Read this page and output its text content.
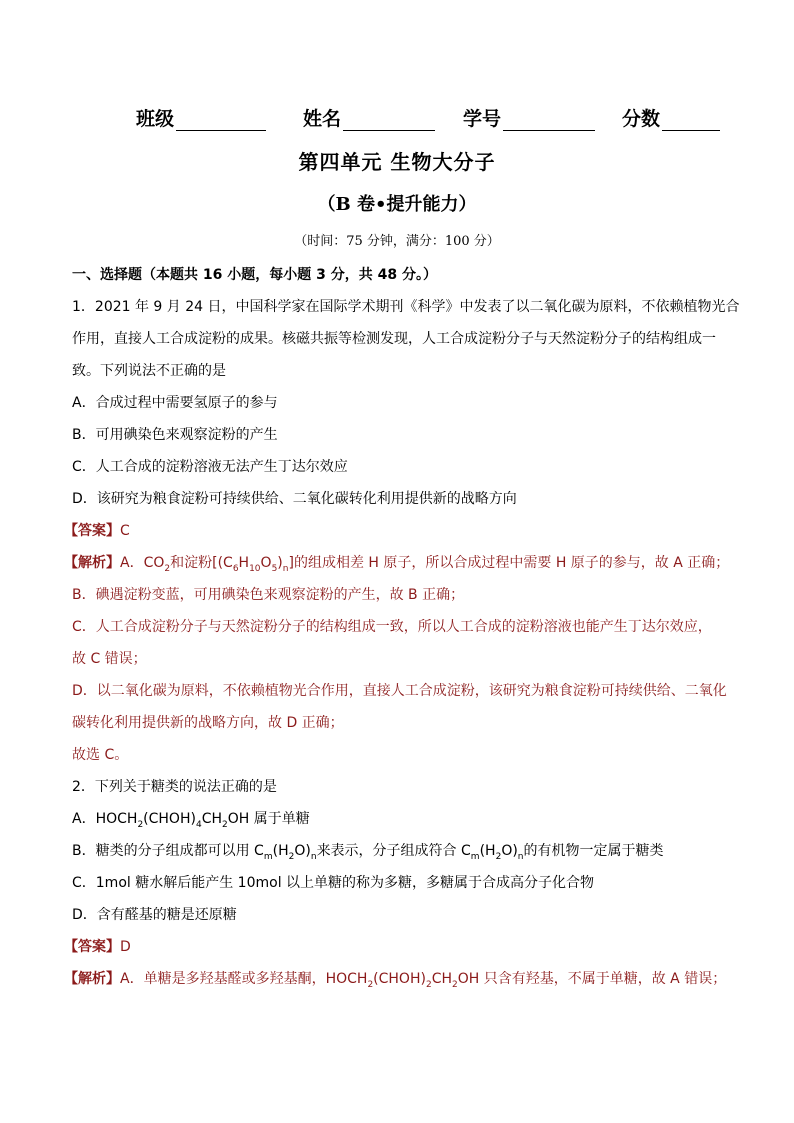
班级	姓名	学号	分数
第四单元 生物大分子
（B 卷•提升能力）
（时间：75 分钟，满分：100 分）
一、选择题（本题共 16 小题，每小题 3 分，共 48 分。）
1．2021 年 9 月 24 日，中国科学家在国际学术期刊《科学》中发表了以二氧化碳为原料，不依赖植物光合
作用，直接人工合成淀粉的成果。核磁共振等检测发现，人工合成淀粉分子与天然淀粉分子的结构组成一
致。下列说法不正确的是
A．合成过程中需要氢原子的参与
B．可用碘染色来观察淀粉的产生
C．人工合成的淀粉溶液无法产生丁达尔效应
D．该研究为粮食淀粉可持续供给、二氧化碳转化利用提供新的战略方向
【答案】C
【解析】A．$CO_2$和淀粉$[(C_6H_{10}O_5)_n]$的组成相差 H 原子，所以合成过程中需要 H 原子的参与，故 A 正确；
B．碘遇淀粉变蓝，可用碘染色来观察淀粉的产生，故 B 正确；
C．人工合成淀粉分子与天然淀粉分子的结构组成一致，所以人工合成的淀粉溶液也能产生丁达尔效应，
故 C 错误；
D．以二氧化碳为原料，不依赖植物光合作用，直接人工合成淀粉，该研究为粮食淀粉可持续供给、二氧化
碳转化利用提供新的战略方向，故 D 正确；
故选 C。
2．下列关于糖类的说法正确的是
A．$HOCH_2(CHOH)_4CH_2OH$ 属于单糖
B．糖类的分子组成都可以用 $C_m(H_2O)_n$来表示，分子组成符合 $C_m(H_2O)_n$的有机物一定属于糖类
C．1mol 糖水解后能产生 10mol 以上单糖的称为多糖，多糖属于合成高分子化合物
D．含有醛基的糖是还原糖
【答案】D
【解析】A．单糖是多羟基醛或多羟基酮，$HOCH_2(CHOH)_2CH_2OH$ 只含有羟基，不属于单糖，故 A 错误；
